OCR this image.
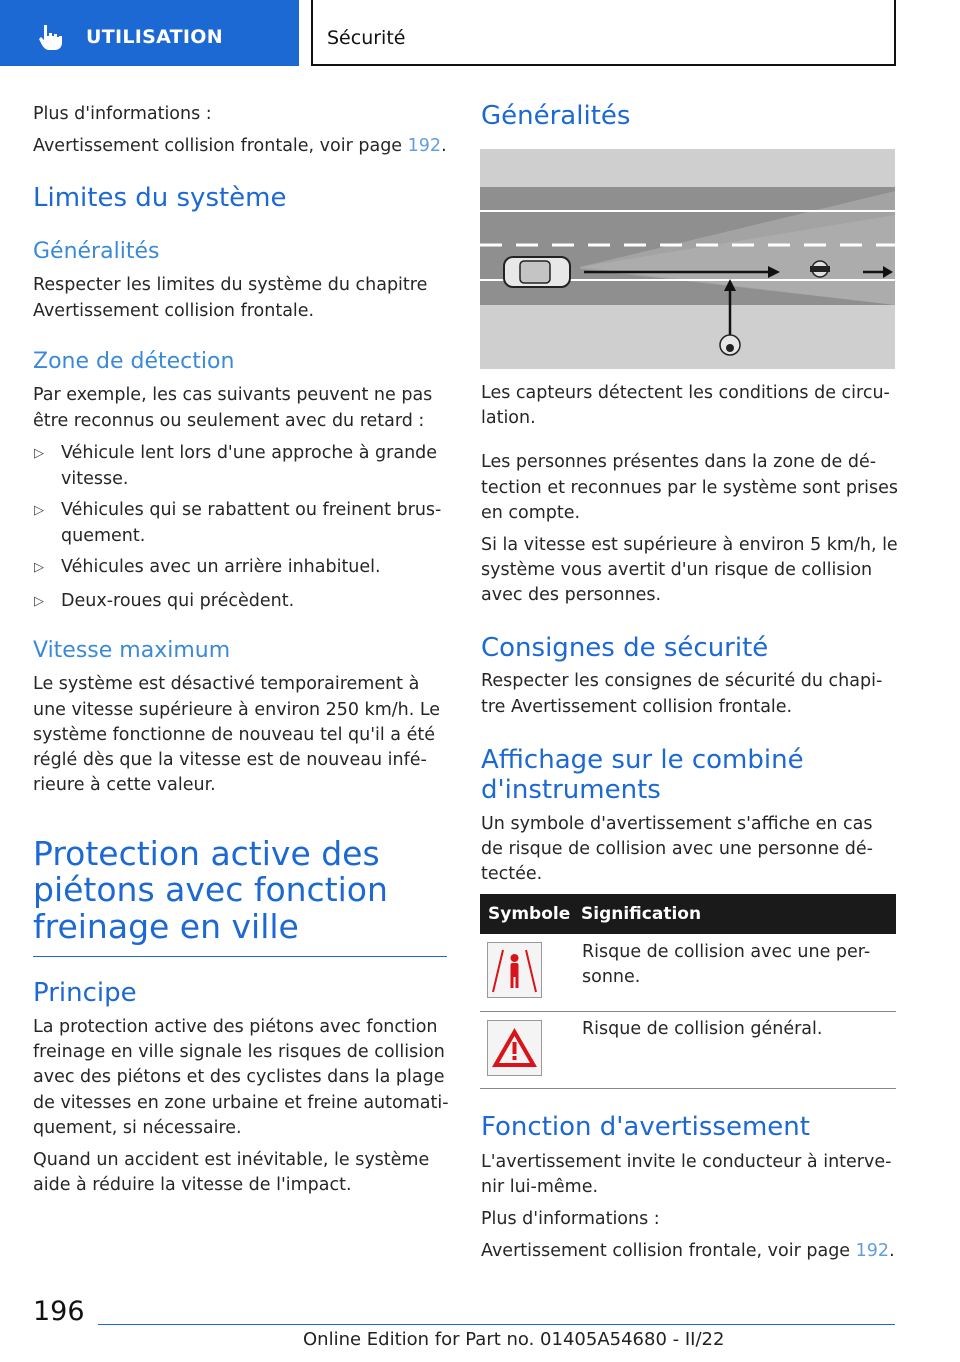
UTILISATION	Sécurité
Plus d'informations :
Avertissement collision frontale, voir page 192.
Limites du système
Généralités
Respecter les limites du système du chapitre
Avertissement collision frontale.
Zone de détection
Par exemple, les cas suivants peuvent ne pas
être reconnus ou seulement avec du retard :
▷ Véhicule lent lors d'une approche à grande
vitesse.
▷ Véhicules qui se rabattent ou freinent brus-
quement.
▷ Véhicules avec un arrière inhabituel.
▷ Deux-roues qui précèdent.
Vitesse maximum
Le système est désactivé temporairement à
une vitesse supérieure à environ 250 km/h. Le
système fonctionne de nouveau tel qu'il a été
réglé dès que la vitesse est de nouveau infé-
rieure à cette valeur.
Protection active des
piétons avec fonction
freinage en ville
Principe
La protection active des piétons avec fonction
freinage en ville signale les risques de collision
avec des piétons et des cyclistes dans la plage
de vitesses en zone urbaine et freine automati-
quement, si nécessaire.
Quand un accident est inévitable, le système
aide à réduire la vitesse de l'impact.
Généralités
Les capteurs détectent les conditions de circu-
lation.
Les personnes présentes dans la zone de dé-
tection et reconnues par le système sont prises
en compte.
Si la vitesse est supérieure à environ 5 km/h, le
système vous avertit d'un risque de collision
avec des personnes.
Consignes de sécurité
Respecter les consignes de sécurité du chapi-
tre Avertissement collision frontale.
Affichage sur le combiné
d'instruments
Un symbole d'avertissement s'affiche en cas
de risque de collision avec une personne dé-
tectée.
Symbole Signification
Risque de collision avec une per-
sonne.
Risque de collision général.
Fonction d'avertissement
L'avertissement invite le conducteur à interve-
nir lui-même.
Plus d'informations :
Avertissement collision frontale, voir page 192.
196
Online Edition for Part no. 01405A54680 - II/22
